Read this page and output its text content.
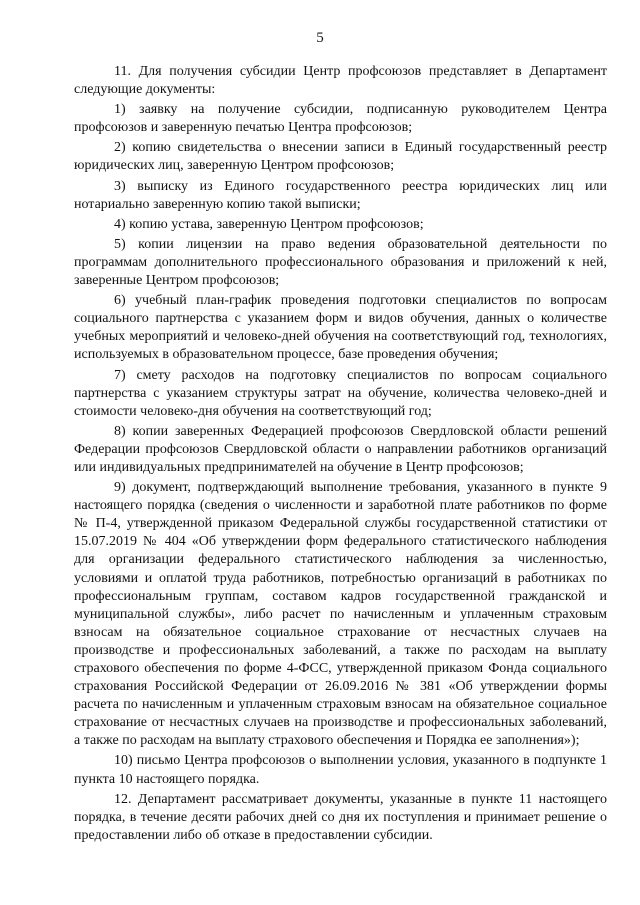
5

11. Для получения субсидии Центр профсоюзов представляет в Департамент следующие документы:

1) заявку на получение субсидии, подписанную руководителем Центра профсоюзов и заверенную печатью Центра профсоюзов;

2) копию свидетельства о внесении записи в Единый государственный реестр юридических лиц, заверенную Центром профсоюзов;

3) выписку из Единого государственного реестра юридических лиц или нотариально заверенную копию такой выписки;

4) копию устава, заверенную Центром профсоюзов;

5) копии лицензии на право ведения образовательной деятельности по программам дополнительного профессионального образования и приложений к ней, заверенные Центром профсоюзов;

6) учебный план-график проведения подготовки специалистов по вопросам социального партнерства с указанием форм и видов обучения, данных о количестве учебных мероприятий и человеко-дней обучения на соответствующий год, технологиях, используемых в образовательном процессе, базе проведения обучения;

7) смету расходов на подготовку специалистов по вопросам социального партнерства с указанием структуры затрат на обучение, количества человеко-дней и стоимости человеко-дня обучения на соответствующий год;

8) копии заверенных Федерацией профсоюзов Свердловской области решений Федерации профсоюзов Свердловской области о направлении работников организаций или индивидуальных предпринимателей на обучение в Центр профсоюзов;

9) документ, подтверждающий выполнение требования, указанного в пункте 9 настоящего порядка (сведения о численности и заработной плате работников по форме № П-4, утвержденной приказом Федеральной службы государственной статистики от 15.07.2019 № 404 «Об утверждении форм федерального статистического наблюдения для организации федерального статистического наблюдения за численностью, условиями и оплатой труда работников, потребностью организаций в работниках по профессиональным группам, составом кадров государственной гражданской и муниципальной службы», либо расчет по начисленным и уплаченным страховым взносам на обязательное социальное страхование от несчастных случаев на производстве и профессиональных заболеваний, а также по расходам на выплату страхового обеспечения по форме 4-ФСС, утвержденной приказом Фонда социального страхования Российской Федерации от 26.09.2016 № 381 «Об утверждении формы расчета по начисленным и уплаченным страховым взносам на обязательное социальное страхование от несчастных случаев на производстве и профессиональных заболеваний, а также по расходам на выплату страхового обеспечения и Порядка ее заполнения»);

10) письмо Центра профсоюзов о выполнении условия, указанного в подпункте 1 пункта 10 настоящего порядка.

12. Департамент рассматривает документы, указанные в пункте 11 настоящего порядка, в течение десяти рабочих дней со дня их поступления и принимает решение о предоставлении либо об отказе в предоставлении субсидии.
